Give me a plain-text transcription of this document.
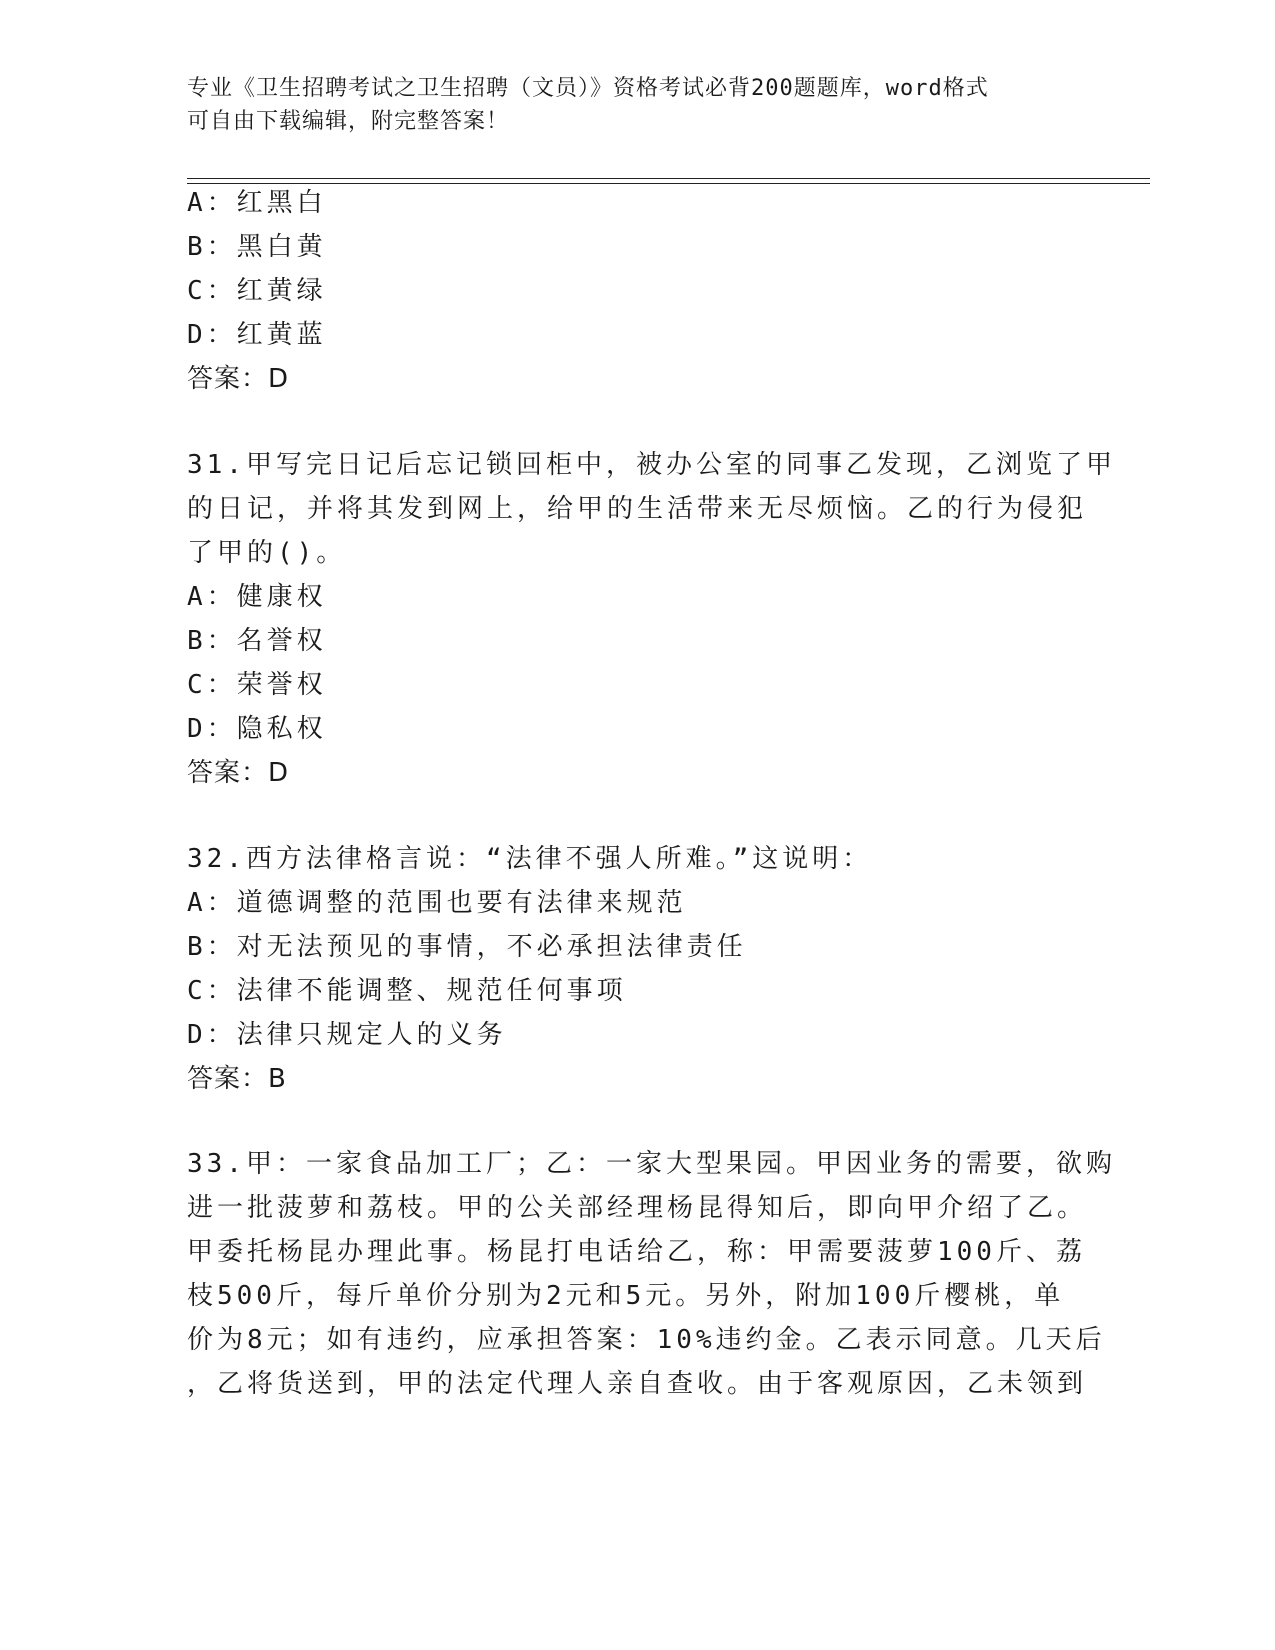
专业《卫生招聘考试之卫生招聘（文员）》资格考试必背200题题库，word格式
可自由下载编辑，附完整答案！
A：红黑白
B：黑白黄
C：红黄绿
D：红黄蓝
答案：D
31.甲写完日记后忘记锁回柜中，被办公室的同事乙发现，乙浏览了甲
的日记，并将其发到网上，给甲的生活带来无尽烦恼。乙的行为侵犯
了甲的()。
A：健康权
B：名誉权
C：荣誉权
D：隐私权
答案：D
32.西方法律格言说：“法律不强人所难。”这说明：
A：道德调整的范围也要有法律来规范
B：对无法预见的事情，不必承担法律责任
C：法律不能调整、规范任何事项
D：法律只规定人的义务
答案：B
33.甲：一家食品加工厂；乙：一家大型果园。甲因业务的需要，欲购
进一批菠萝和荔枝。甲的公关部经理杨昆得知后，即向甲介绍了乙。
甲委托杨昆办理此事。杨昆打电话给乙，称：甲需要菠萝100斤、荔
枝500斤，每斤单价分别为2元和5元。另外，附加100斤樱桃，单
价为8元；如有违约，应承担答案：10%违约金。乙表示同意。几天后
，乙将货送到，甲的法定代理人亲自查收。由于客观原因，乙未领到
